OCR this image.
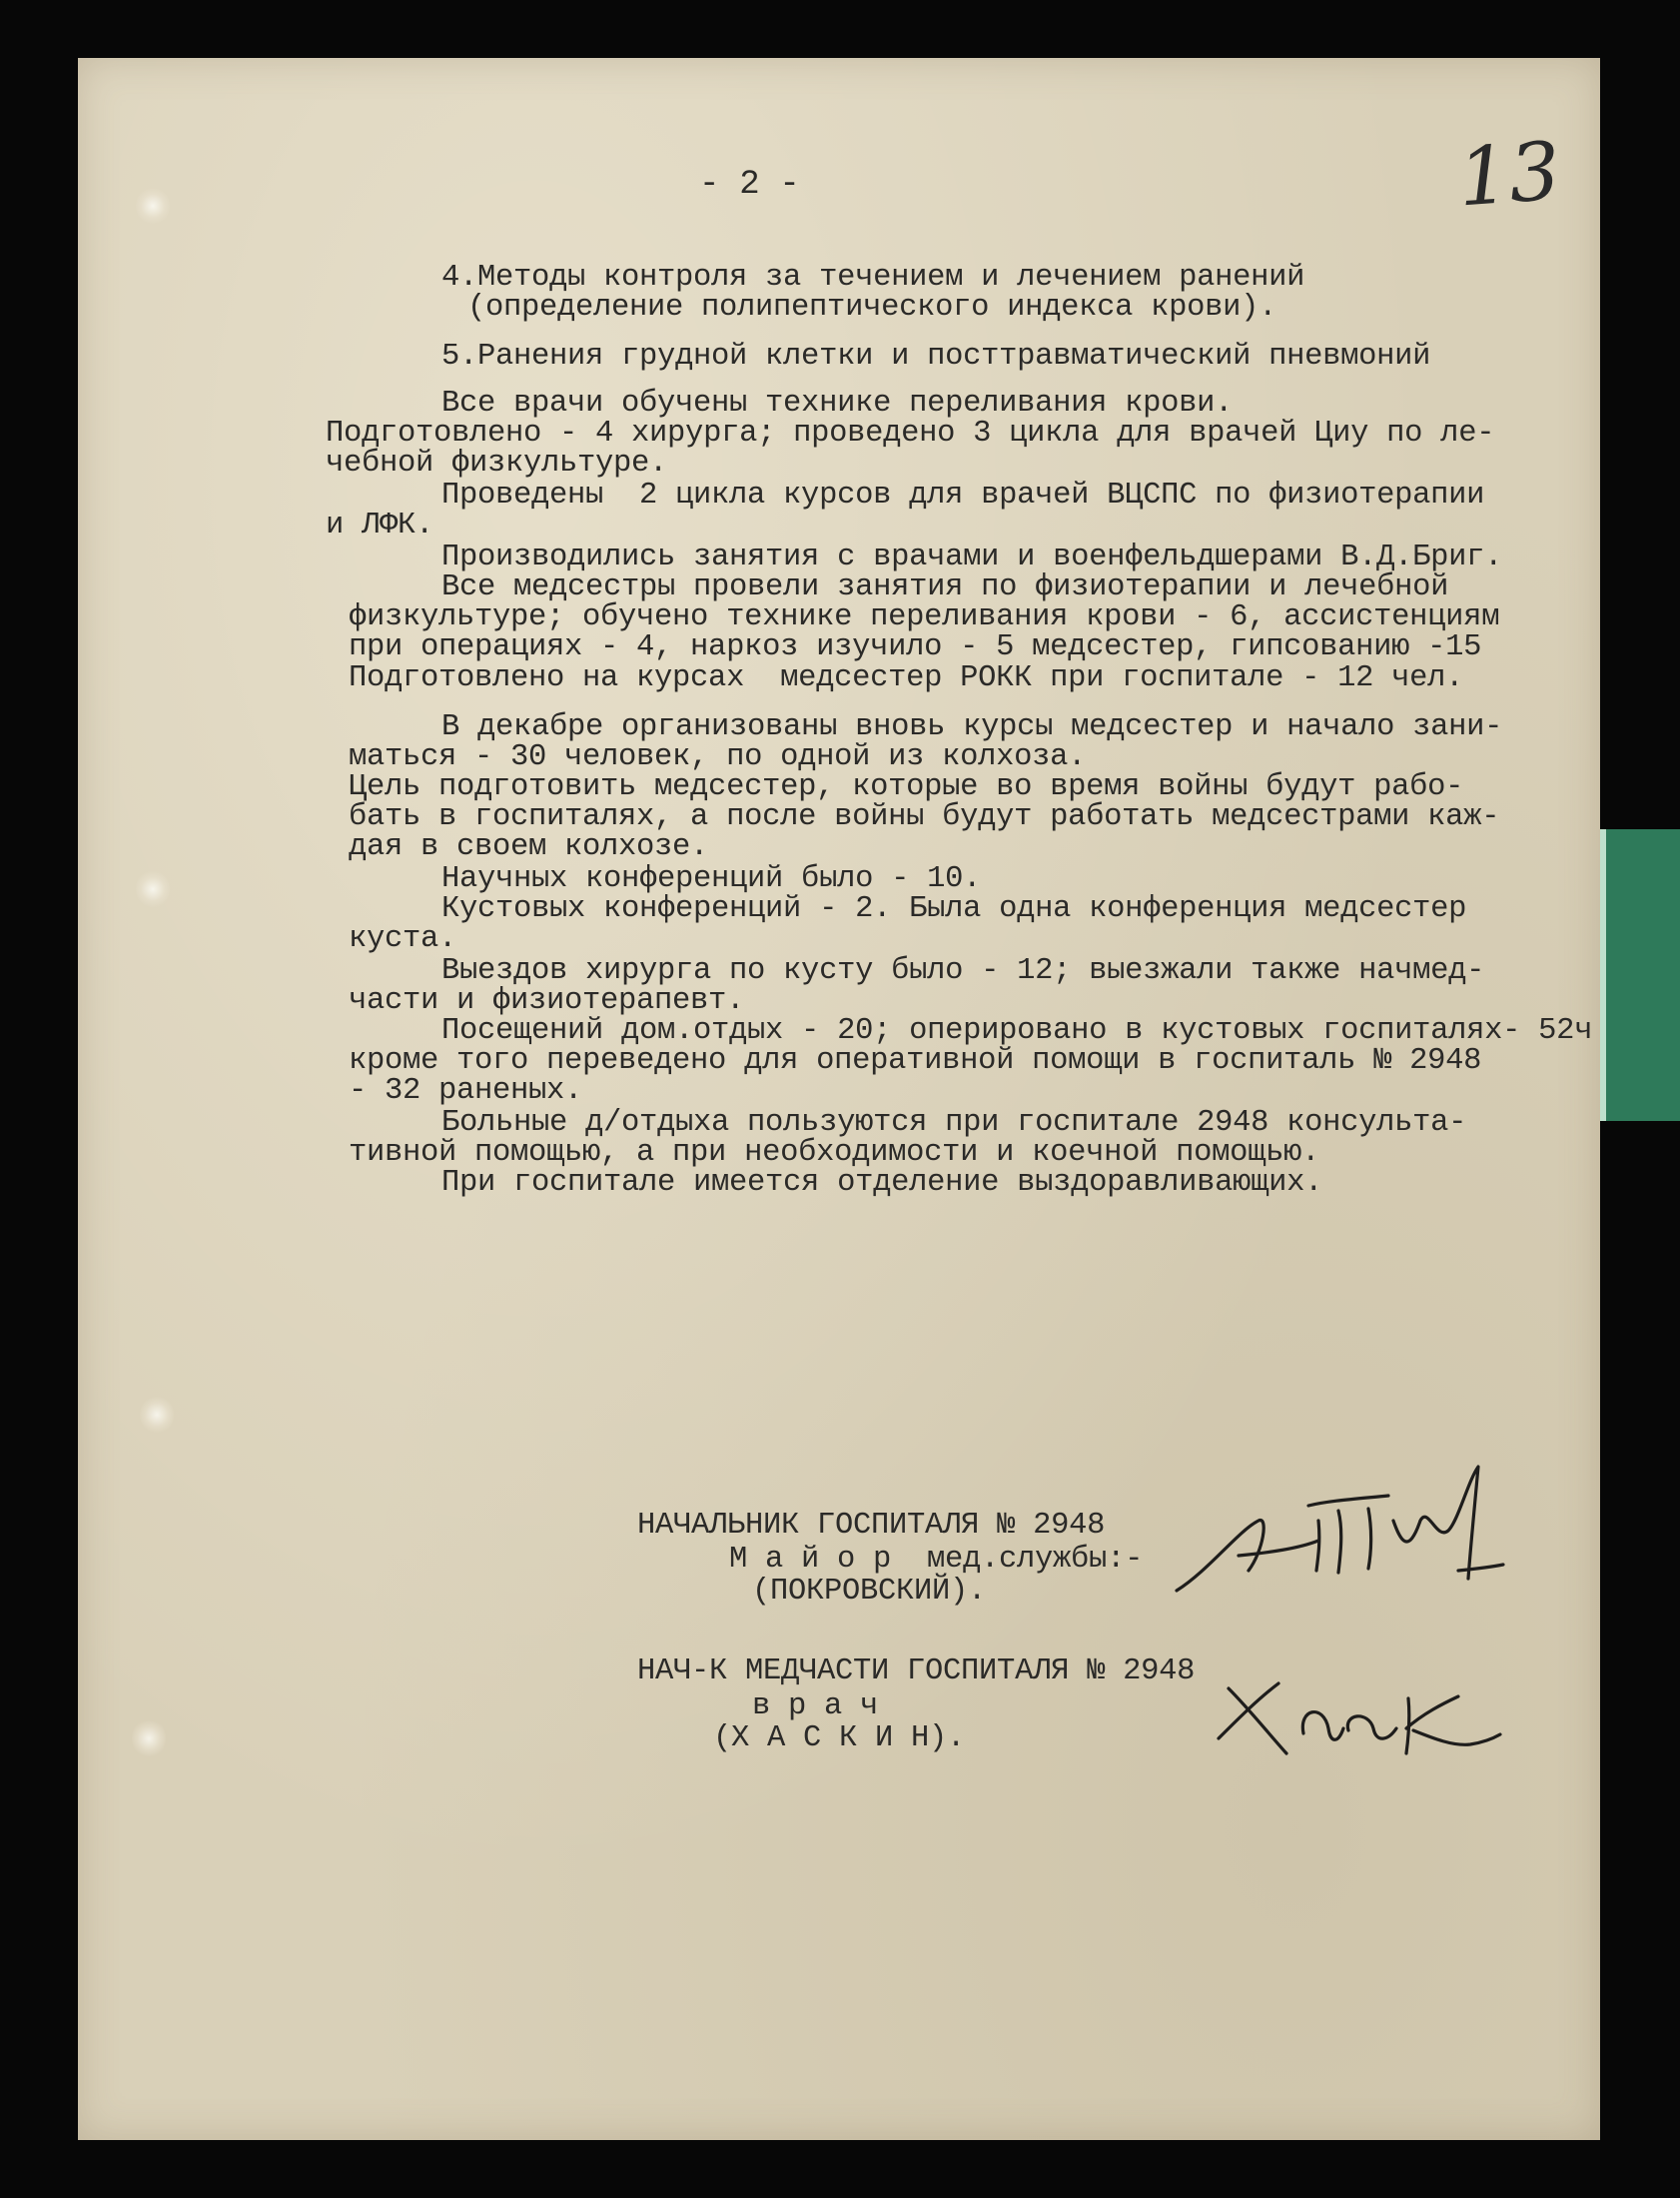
- 2 -	13
4.Методы контроля за течением и лечением ранений
(определение полипептического индекса крови).
5.Ранения грудной клетки и посттравматический пневмоний
Все врачи обучены технике переливания крови.
Подготовлено - 4 хирурга; проведено 3 цикла для врачей Циу по ле-
чебной физкультуре.
Проведены  2 цикла курсов для врачей ВЦСПС по физиотерапии
и ЛФК.
Производились занятия с врачами и военфельдшерами В.Д.Бриг.
Все медсестры провели занятия по физиотерапии и лечебной
физкультуре; обучено технике переливания крови - 6, ассистенциям
при операциях - 4, наркоз изучило - 5 медсестер, гипсованию -15
Подготовлено на курсах  медсестер РОКК при госпитале - 12 чел.
В декабре организованы вновь курсы медсестер и начало зани-
маться - 30 человек, по одной из колхоза.
Цель подготовить медсестер, которые во время войны будут рабо-
бать в госпиталях, а после войны будут работать медсестрами каж-
дая в своем колхозе.
Научных конференций было - 10.
Кустовых конференций - 2. Была одна конференция медсестер
куста.
Выездов хирурга по кусту было - 12; выезжали также начмед-
части и физиотерапевт.
Посещений дом.отдых - 20; оперировано в кустовых госпиталях- 52ч
кроме того переведено для оперативной помощи в госпиталь № 2948
- 32 раненых.
Больные д/отдыха пользуются при госпитале 2948 консульта-
тивной помощью, а при необходимости и коечной помощью.
При госпитале имеется отделение выздоравливающих.
НАЧАЛЬНИК ГОСПИТАЛЯ № 2948
М а й о р  мед.службы:-
(ПОКРОВСКИЙ).
НАЧ-К МЕДЧАСТИ ГОСПИТАЛЯ № 2948
в р а ч
(Х А С К И Н).
